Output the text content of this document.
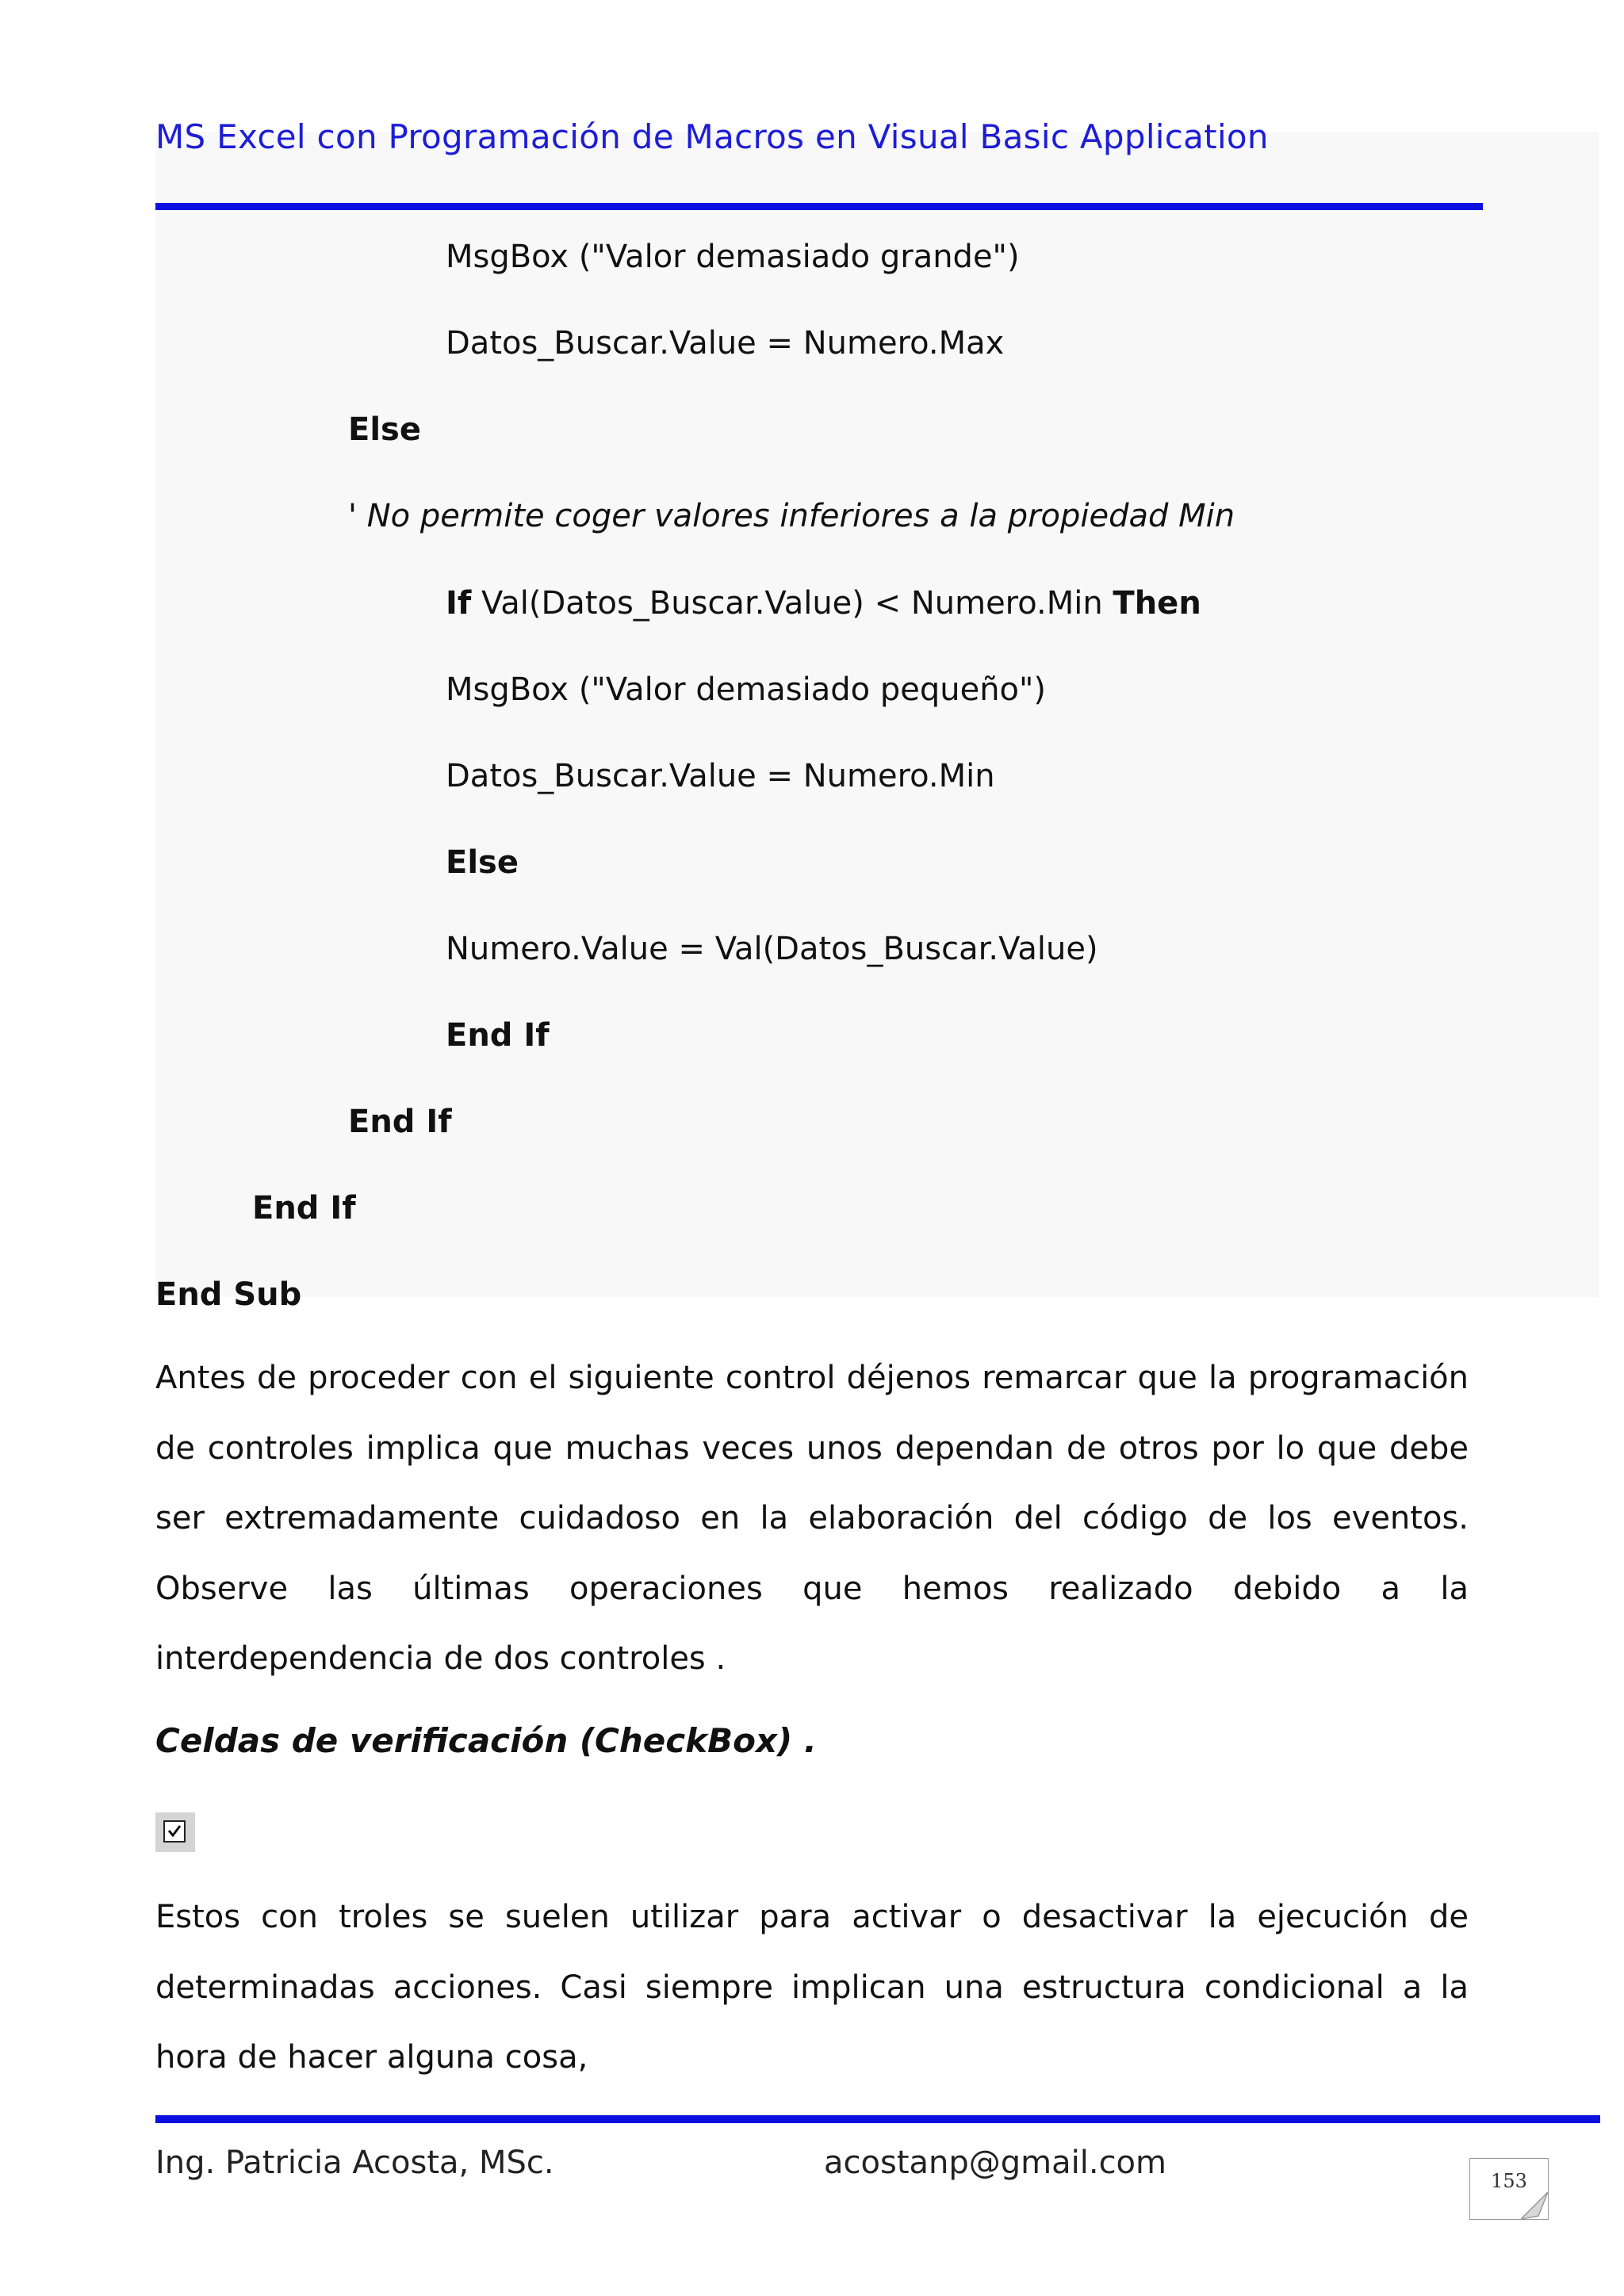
MS Excel con Programación de Macros en Visual Basic Application
MsgBox ("Valor demasiado grande")
Datos_Buscar.Value = Numero.Max
Else
' No permite coger valores inferiores a la propiedad Min
If Val(Datos_Buscar.Value) < Numero.Min Then
MsgBox ("Valor demasiado pequeño")
Datos_Buscar.Value = Numero.Min
Else
Numero.Value = Val(Datos_Buscar.Value)
End If
End If
End If
End Sub
Antes de proceder con el siguiente control déjenos remarcar que la programación de controles implica que muchas veces unos dependan de otros por lo que debe ser extremadamente cuidadoso en la elaboración del código de los eventos. Observe las últimas operaciones que hemos realizado debido a la interdependencia de dos controles .
Celdas de verificación (CheckBox) .
Estos con troles se suelen utilizar para activar o desactivar la ejecución de determinadas acciones. Casi siempre implican una estructura condicional a la hora de hacer alguna cosa,
Ing. Patricia Acosta, MSc.	acostanp@gmail.com	153
